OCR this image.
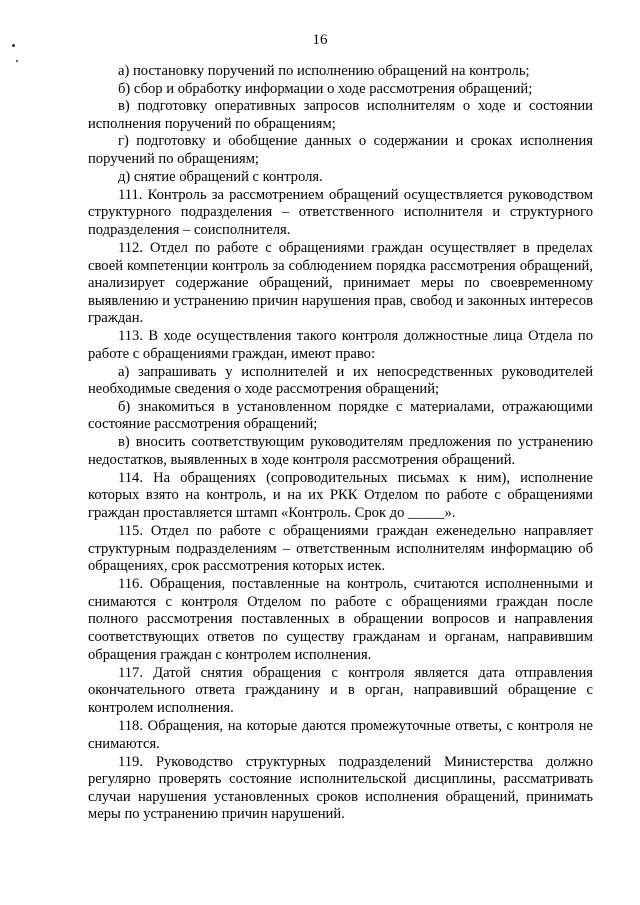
16

а) постановку поручений по исполнению обращений на контроль;

б) сбор и обработку информации о ходе рассмотрения обращений;

в) подготовку оперативных запросов исполнителям о ходе и состоянии исполнения поручений по обращениям;

г) подготовку и обобщение данных о содержании и сроках исполнения поручений по обращениям;

д) снятие обращений с контроля.

111. Контроль за рассмотрением обращений осуществляется руководством структурного подразделения – ответственного исполнителя и структурного подразделения – соисполнителя.

112. Отдел по работе с обращениями граждан осуществляет в пределах своей компетенции контроль за соблюдением порядка рассмотрения обращений, анализирует содержание обращений, принимает меры по своевременному выявлению и устранению причин нарушения прав, свобод и законных интересов граждан.

113. В ходе осуществления такого контроля должностные лица Отдела по работе с обращениями граждан, имеют право:

а) запрашивать у исполнителей и их непосредственных руководителей необходимые сведения о ходе рассмотрения обращений;

б) знакомиться в установленном порядке с материалами, отражающими состояние рассмотрения обращений;

в) вносить соответствующим руководителям предложения по устранению недостатков, выявленных в ходе контроля рассмотрения обращений.

114. На обращениях (сопроводительных письмах к ним), исполнение которых взято на контроль, и на их РКК Отделом по работе с обращениями граждан проставляется штамп «Контроль. Срок до _____».

115. Отдел по работе с обращениями граждан еженедельно направляет структурным подразделениям – ответственным исполнителям информацию об обращениях, срок рассмотрения которых истек.

116. Обращения, поставленные на контроль, считаются исполненными и снимаются с контроля Отделом по работе с обращениями граждан после полного рассмотрения поставленных в обращении вопросов и направления соответствующих ответов по существу гражданам и органам, направившим обращения граждан с контролем исполнения.

117. Датой снятия обращения с контроля является дата отправления окончательного ответа гражданину и в орган, направивший обращение с контролем исполнения.

118. Обращения, на которые даются промежуточные ответы, с контроля не снимаются.

119. Руководство структурных подразделений Министерства должно регулярно проверять состояние исполнительской дисциплины, рассматривать случаи нарушения установленных сроков исполнения обращений, принимать меры по устранению причин нарушений.
